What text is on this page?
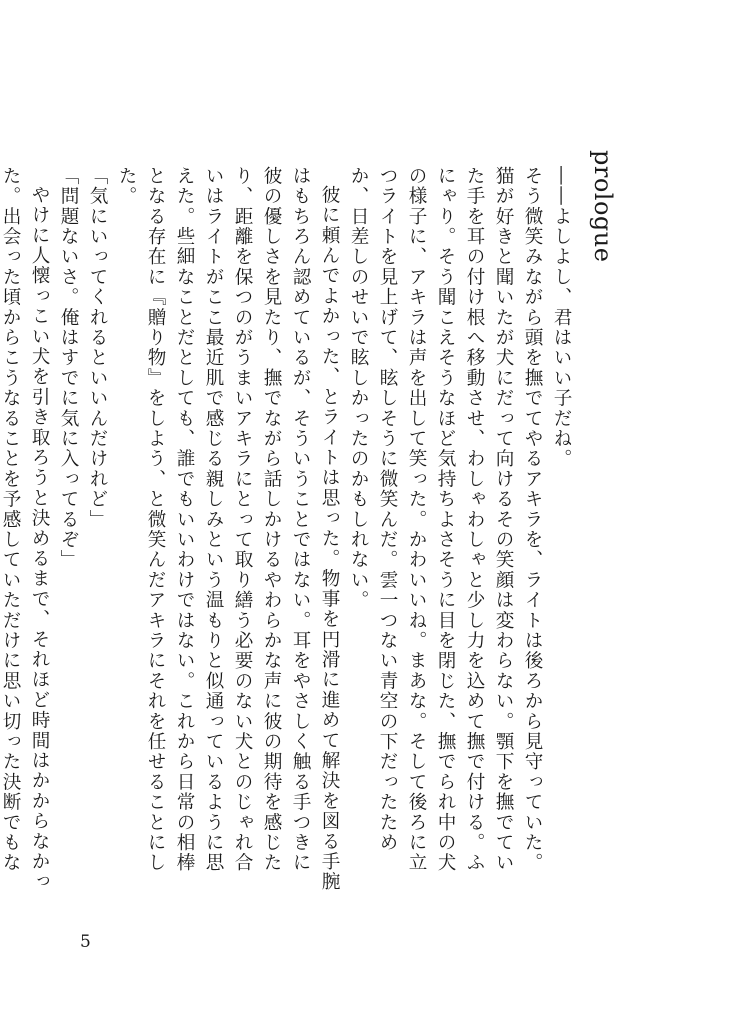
prologue

――よしよし、君はいい子だね。

そう微笑みながら頭を撫でてやるアキラを、ライトは後ろから見守っていた。猫が好きと聞いたが犬にだって向けるその笑顔は変わらない。顎下を撫でていた手を耳の付け根へ移動させ、わしゃわしゃと少し力を込めて撫で付ける。ふにゃり。そう聞こえそうなほど気持ちよさそうに目を閉じた、撫でられ中の犬の様子に、アキラは声を出して笑った。かわいいね。まあな。そして後ろに立つライトを見上げて、眩しそうに微笑んだ。雲一つない青空の下だったためか、日差しのせいで眩しかったのかもしれない。

彼に頼んでよかった、とライトは思った。物事を円滑に進めて解決を図る手腕はもちろん認めているが、そういうことではない。耳をやさしく触る手つきに彼の優しさを見たり、撫でながら話しかけるやわらかな声に彼の期待を感じたり、距離を保つのがうまいアキラにとって取り繕う必要のない犬とのじゃれ合いはライトがここ最近肌で感じる親しみという温もりと似通っているように思えた。些細なことだとしても、誰でもいいわけではない。これから日常の相棒となる存在に『贈り物』をしよう、と微笑んだアキラにそれを任せることにした。

「気にいってくれるといいんだけれど」

「問題ないさ。俺はすでに気に入ってるぞ」

やけに人懐っこい犬を引き取ろうと決めるまで、それほど時間はかからなかった。出会った頃からこうなることを予感していただけに思い切った決断でもな

5
